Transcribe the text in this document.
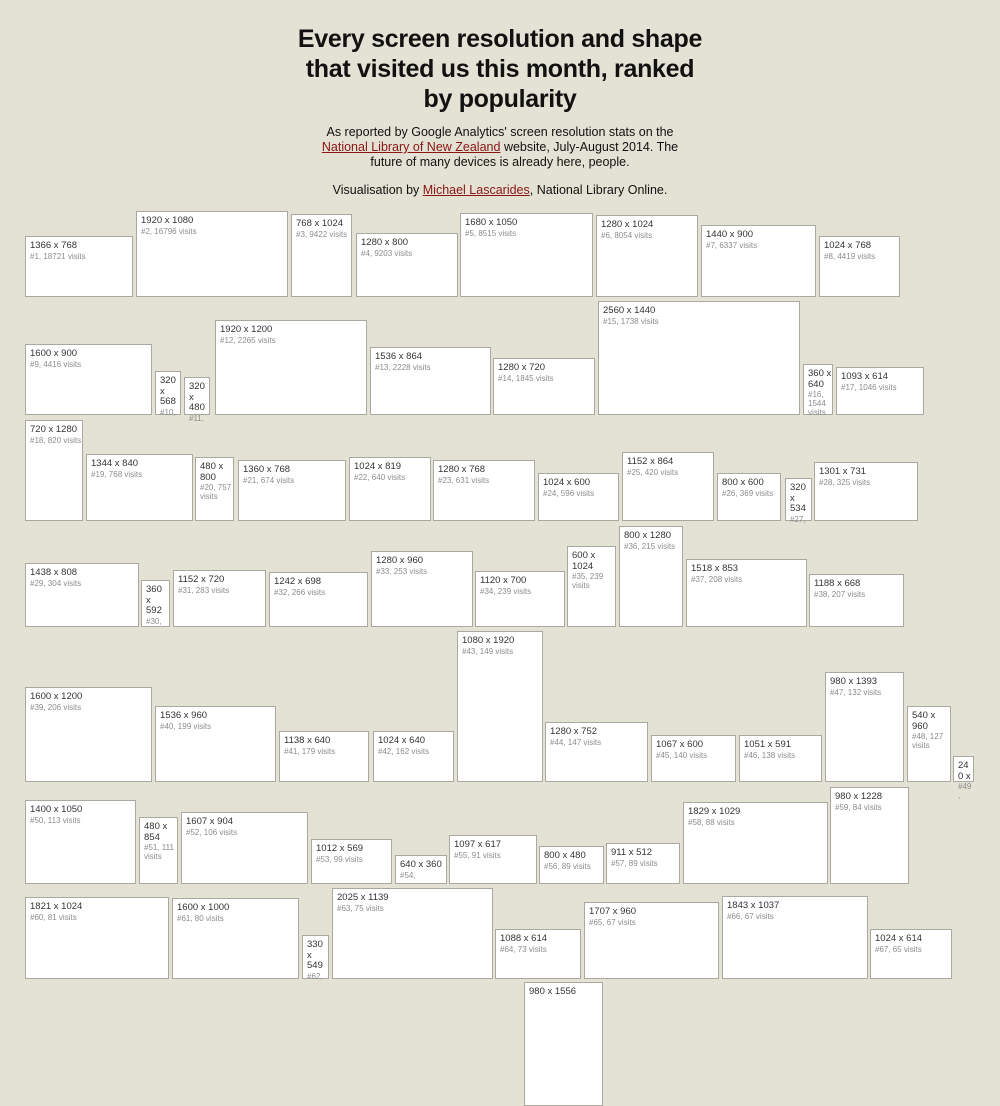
Every screen resolution and shape that visited us this month, ranked by popularity

As reported by Google Analytics' screen resolution stats on the National Library of New Zealand website, July-August 2014. The future of many devices is already here, people.

Visualisation by Michael Lascarides, National Library Online.

1366 x 768
#1, 18721 visits
1920 x 1080
#2, 16796 visits
768 x 1024
#3, 9422 visits
1280 x 800
#4, 9203 visits
1680 x 1050
#5, 8515 visits
1280 x 1024
#6, 8054 visits	1440 x 900
#7, 6337 visits	1024 x 768
#8, 4419 visits
1600 x 900
#9, 4416 visits
320 x 568
#10,
320 x 480
#11,
1920 x 1200
#12, 2265 visits
1536 x 864
#13, 2228 visits	1280 x 720
#14, 1845 visits
2560 x 1440
#15, 1738 visits
360 x 640
#16, 1544 visits
1093 x 614
#17, 1046 visits
720 x 1280
#18, 820 visits
1344 x 840
#19, 768 visits
480 x 800
#20, 757 visits
1360 x 768
#21, 674 visits
1024 x 819
#22, 640 visits
1280 x 768
#23, 631 visits	1024 x 600
#24, 596 visits
1152 x 864
#25, 420 visits
800 x 600
#26, 369 visits	320 x 534
#27,
1301 x 731
#28, 325 visits
1438 x 808
#29, 304 visits
360 x 592
#30,
1152 x 720
#31, 283 visits
1242 x 698
#32, 266 visits
1280 x 960
#33, 253 visits
1120 x 700
#34, 239 visits
600 x 1024
#35, 239 visits
800 x 1280
#36, 215 visits
1518 x 853
#37, 208 visits	1188 x 668
#38, 207 visits
1600 x 1200
#39, 206 visits
1536 x 960
#40, 199 visits
1138 x 640
#41, 179 visits
1024 x 640
#42, 162 visits
1080 x 1920
#43, 149 visits
1280 x 752
#44, 147 visits	1067 x 600
#45, 140 visits
1051 x 591
#46, 138 visits
980 x 1393
#47, 132 visits
540 x 960
#48, 127 visits
240 x
#49,
1400 x 1050
#50, 113 visits
480 x 854
#51, 111 visits
1607 x 904
#52, 106 visits
1012 x 569
#53, 99 visits	640 x 360
#54,
1097 x 617
#55, 91 visits	800 x 480
#56, 89 visits
911 x 512
#57, 89 visits
1829 x 1029
#58, 88 visits
980 x 1228
#59, 84 visits
1821 x 1024
#60, 81 visits
1600 x 1000
#61, 80 visits
330 x 549
#62,
2025 x 1139
#63, 75 visits
1088 x 614
#64, 73 visits
1707 x 960
#65, 67 visits
1843 x 1037
#66, 67 visits
1024 x 614
#67, 65 visits
980 x 1556
